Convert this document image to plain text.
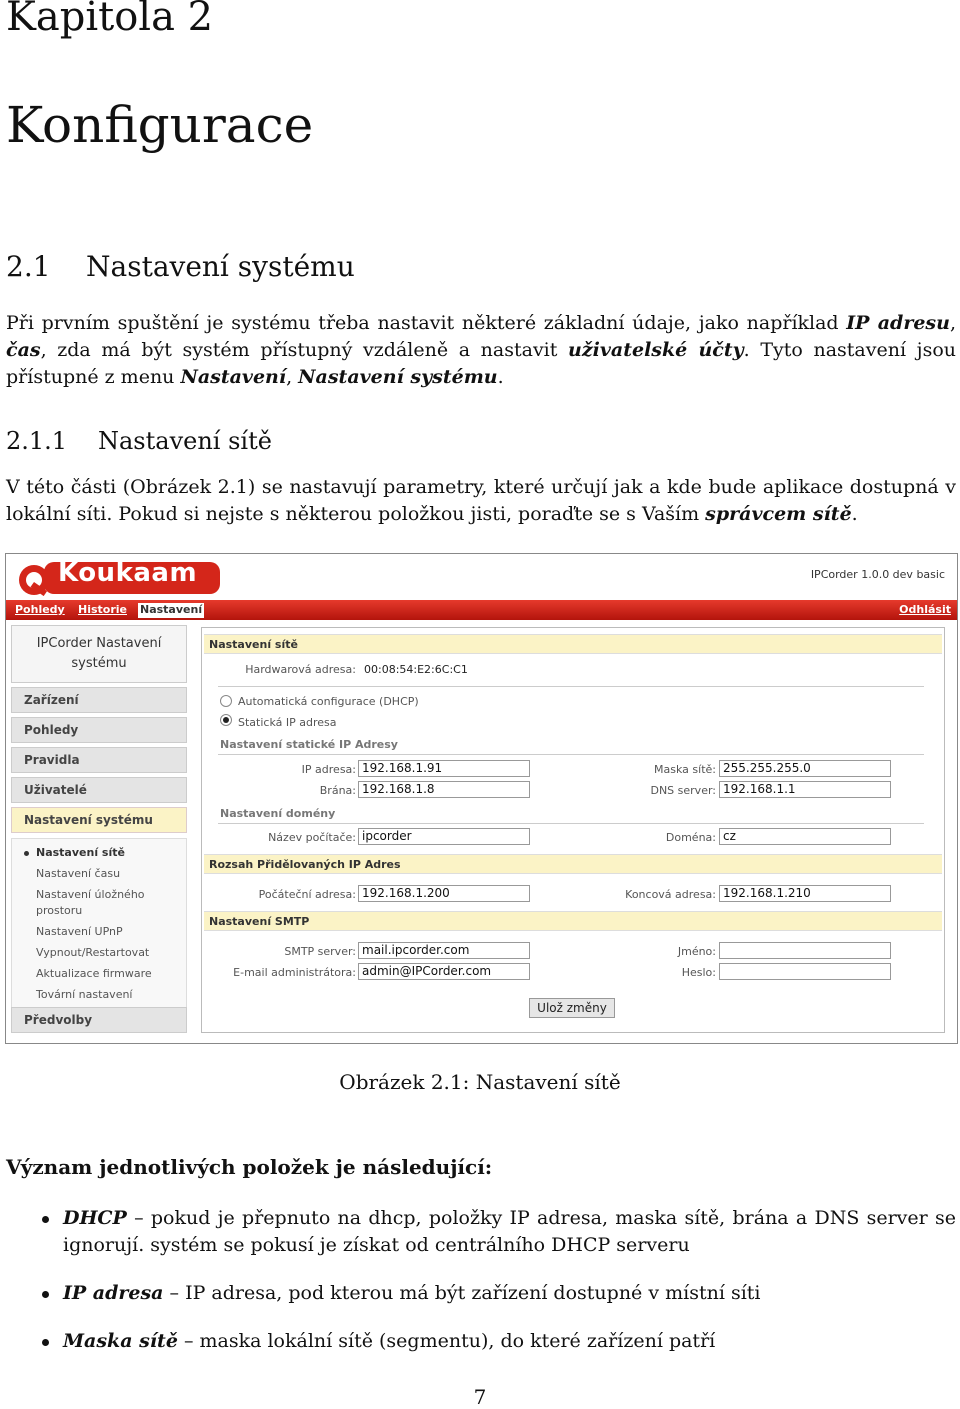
Kapitola 2
Konfigurace
2.1 Nastavení systému
Při prvním spuštění je systému třeba nastavit některé základní údaje, jako například IP adresu, čas, zda má být systém přístupný vzdáleně a nastavit uživatelské účty. Tyto nastavení jsou přístupné z menu Nastavení, Nastavení systému.
2.1.1 Nastavení sítě
V této části (Obrázek 2.1) se nastavují parametry, které určují jak a kde bude aplikace dostupná v lokální síti. Pokud si nejste s některou položkou jisti, poraďte se s Vaším správcem sítě.
Koukaam	IPCorder 1.0.0 dev basic
Pohledy Historie Nastavení	Odhlásit
IPCorder Nastavení
systému
Zařízení
Pohledy
Pravidla
Uživatelé
Nastavení systému
Nastavení sítě
Nastavení času
Nastavení úložného prostoru
Nastavení UPnP
Vypnout/Restartovat
Aktualizace firmware
Tovární nastavení
Předvolby
Nastavení sítě
Hardwarová adresa: 00:08:54:E2:6C:C1
Automatická configurace (DHCP)
Statická IP adresa
Nastavení statické IP Adresy
IP adresa: 192.168.1.91	Maska sítě: 255.255.255.0
Brána: 192.168.1.8	DNS server: 192.168.1.1
Nastavení domény
Název počítače: ipcorder	Doména: cz
Rozsah Přidělovaných IP Adres
Počáteční adresa: 192.168.1.200	Koncová adresa: 192.168.1.210
Nastavení SMTP
SMTP server: mail.ipcorder.com	Jméno:
E-mail administrátora: admin@IPCorder.com	Heslo:
Ulož změny
Obrázek 2.1: Nastavení sítě
Význam jednotlivých položek je následující:
DHCP – pokud je přepnuto na dhcp, položky IP adresa, maska sítě, brána a DNS server se ignorují. systém se pokusí je získat od centrálního DHCP serveru
IP adresa – IP adresa, pod kterou má být zařízení dostupné v místní síti
Maska sítě – maska lokální sítě (segmentu), do které zařízení patří
7
